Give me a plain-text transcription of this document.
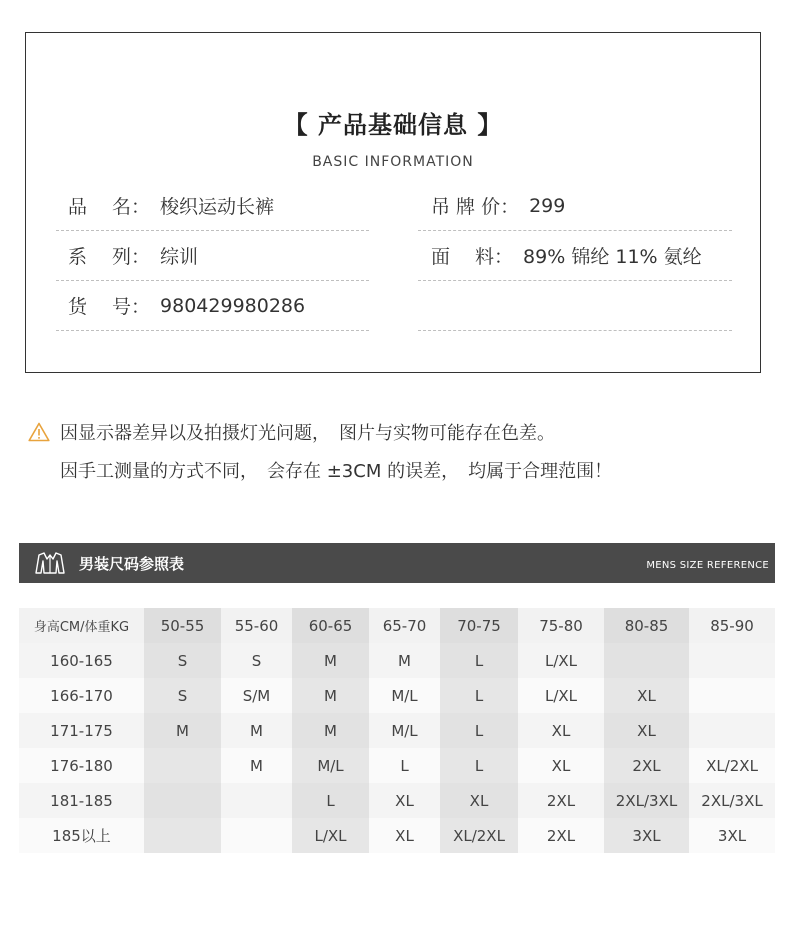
【 产品基础信息 】
BASIC INFORMATION
品　 名： 梭织运动长裤	吊 牌 价： 299
系　 列： 综训	面　 料： 89% 锦纶 11% 氨纶
货　 号： 980429980286
因显示器差异以及拍摄灯光问题，　图片与实物可能存在色差。
因手工测量的方式不同，　会存在 ±3CM 的误差，　均属于合理范围！
男装尺码参照表	MENS SIZE REFERENCE
身高CM/体重KG	50-55	55-60	60-65	65-70	70-75	75-80	80-85	85-90
160-165	S	S	M	M	L	L/XL		
166-170	S	S/M	M	M/L	L	L/XL	XL	
171-175	M	M	M	M/L	L	XL	XL	
176-180		M	M/L	L	L	XL	2XL	XL/2XL
181-185			L	XL	XL	2XL	2XL/3XL	2XL/3XL
185以上			L/XL	XL	XL/2XL	2XL	3XL	3XL
